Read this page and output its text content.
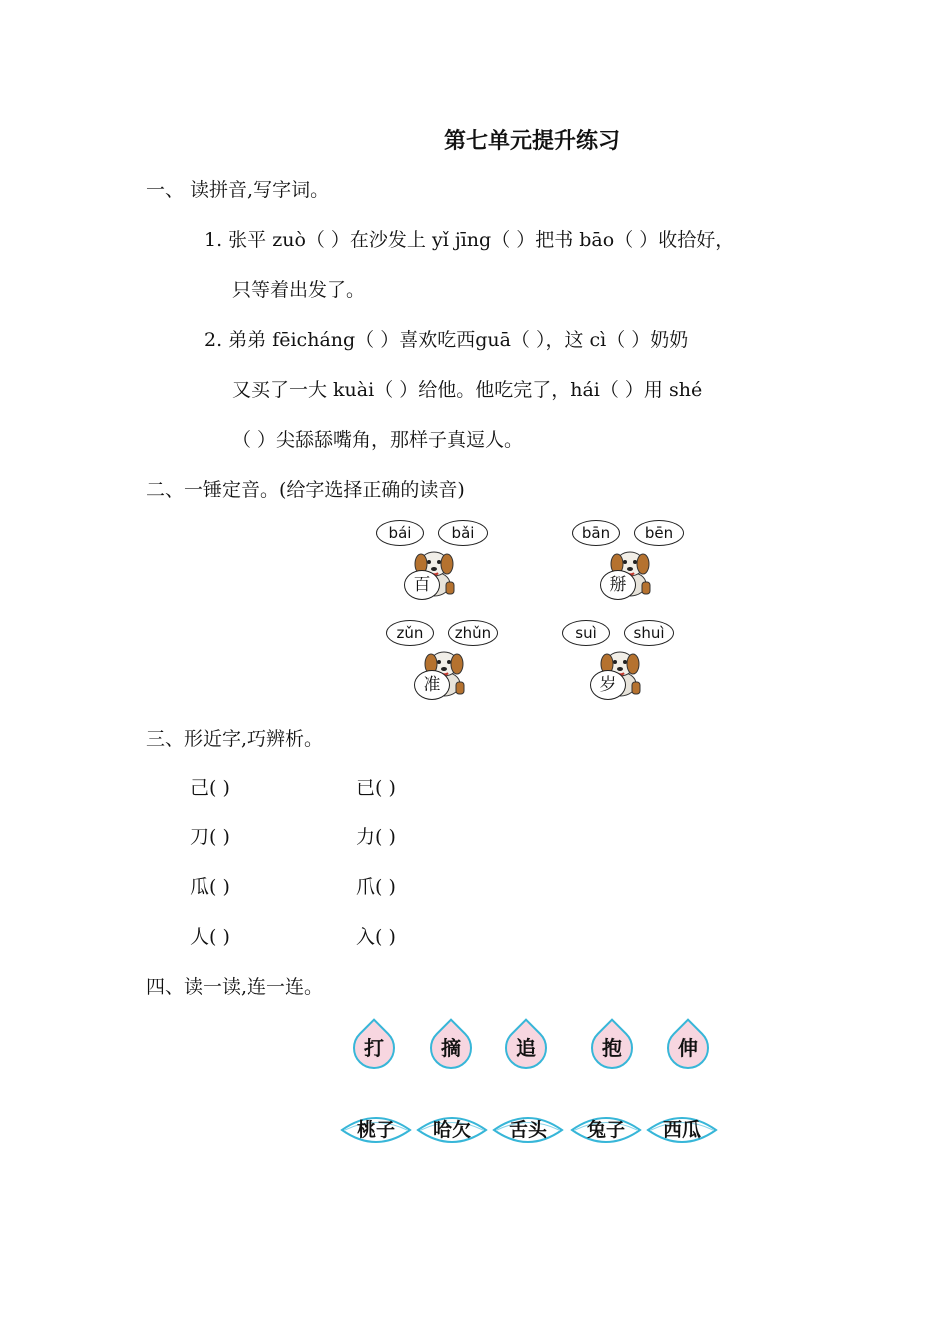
第七单元提升练习
一、 读拼音,写字词。
1. 张平 zuò（ ）在沙发上 yǐ jīng（ ）把书 bāo（ ）收拾好，
只等着出发了。
2. 弟弟 fēicháng（ ）喜欢吃西guā（ ），这 cì（ ）奶奶
又买了一大 kuài（ ）给他。他吃完了，hái（ ）用 shé
（ ）尖舔舔嘴角，那样子真逗人。
二、一锤定音。(给字选择正确的读音)
bái	bǎi
百
bān	bēn
掰
zǔn	zhǔn
准
suì	shuì
岁
三、形近字,巧辨析。
己( )	已( )
刀( )	力( )
瓜( )	爪( )
人( )	入( )
四、读一读,连一连。
打	摘	追	抱	伸
桃子	哈欠	舌头	兔子	西瓜
